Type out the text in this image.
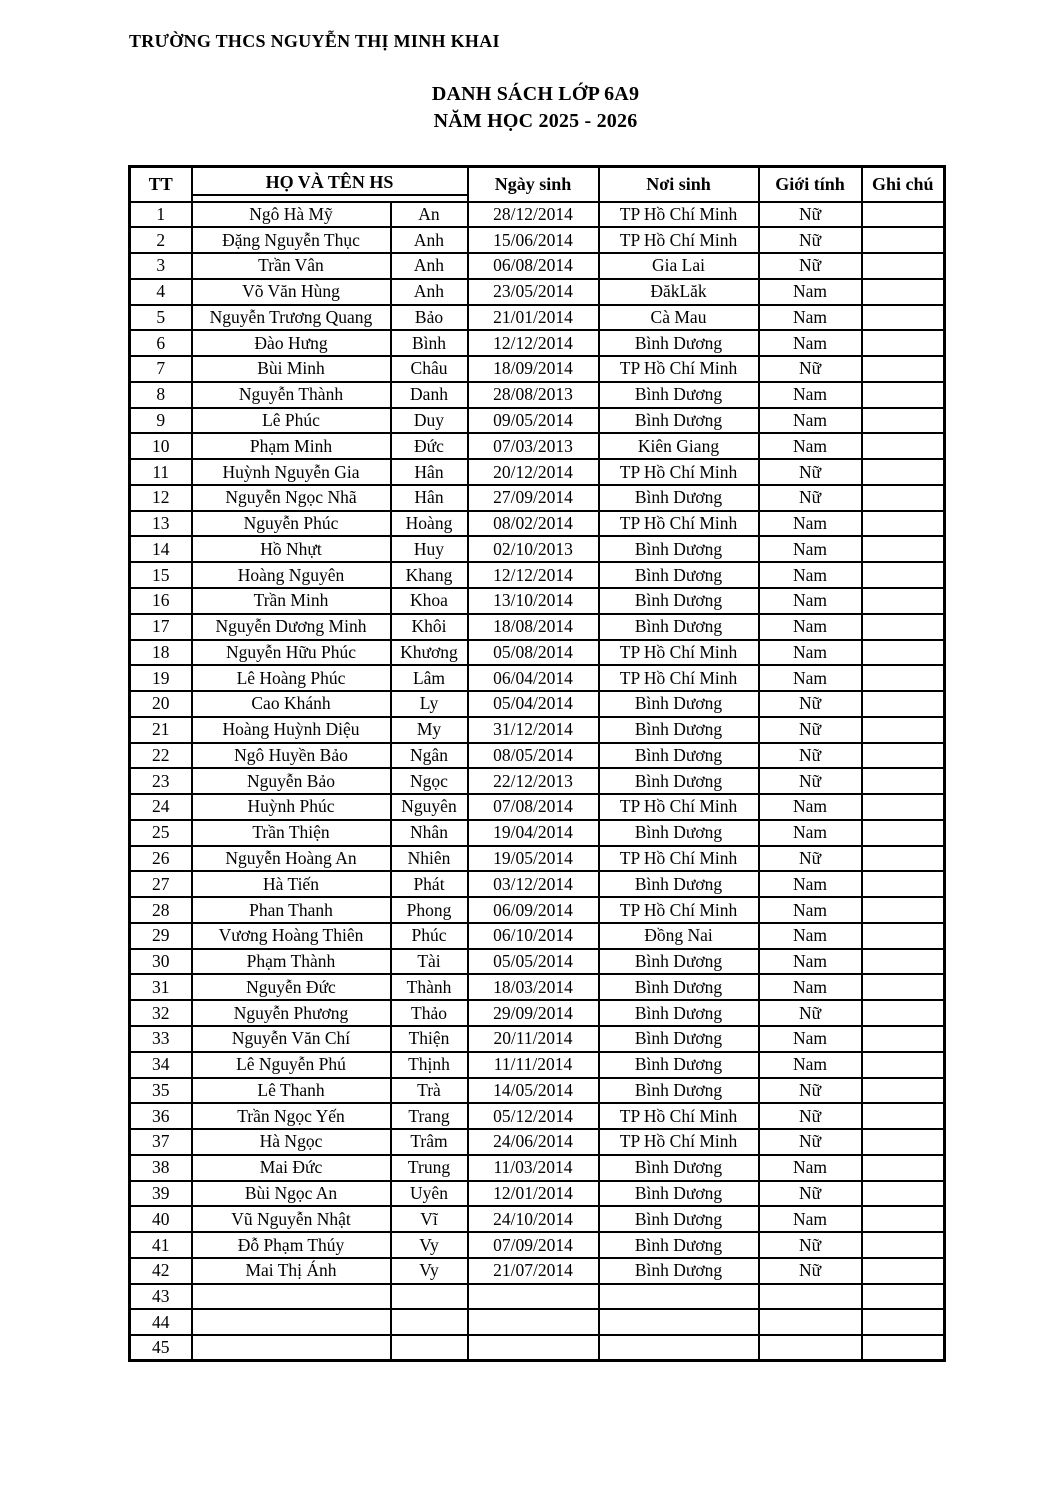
TRƯỜNG THCS NGUYỄN THỊ MINH KHAI
DANH SÁCH LỚP 6A9
NĂM HỌC 2025 - 2026
TT	HỌ VÀ TÊN HS		Ngày sinh	Nơi sinh	Giới tính	Ghi chú
1	Ngô Hà Mỹ	An	28/12/2014	TP Hồ Chí Minh	Nữ	
2	Đặng Nguyễn Thục	Anh	15/06/2014	TP Hồ Chí Minh	Nữ	
3	Trần Vân	Anh	06/08/2014	Gia Lai	Nữ	
4	Võ Văn Hùng	Anh	23/05/2014	ĐăkLăk	Nam	
5	Nguyễn Trương Quang	Bảo	21/01/2014	Cà Mau	Nam	
6	Đào Hưng	Bình	12/12/2014	Bình Dương	Nam	
7	Bùi Minh	Châu	18/09/2014	TP Hồ Chí Minh	Nữ	
8	Nguyễn Thành	Danh	28/08/2013	Bình Dương	Nam	
9	Lê Phúc	Duy	09/05/2014	Bình Dương	Nam	
10	Phạm Minh	Đức	07/03/2013	Kiên Giang	Nam	
11	Huỳnh Nguyễn Gia	Hân	20/12/2014	TP Hồ Chí Minh	Nữ	
12	Nguyễn Ngọc Nhã	Hân	27/09/2014	Bình Dương	Nữ	
13	Nguyễn Phúc	Hoàng	08/02/2014	TP Hồ Chí Minh	Nam	
14	Hồ Nhựt	Huy	02/10/2013	Bình Dương	Nam	
15	Hoàng Nguyên	Khang	12/12/2014	Bình Dương	Nam	
16	Trần Minh	Khoa	13/10/2014	Bình Dương	Nam	
17	Nguyễn Dương Minh	Khôi	18/08/2014	Bình Dương	Nam	
18	Nguyễn Hữu Phúc	Khương	05/08/2014	TP Hồ Chí Minh	Nam	
19	Lê Hoàng Phúc	Lâm	06/04/2014	TP Hồ Chí Minh	Nam	
20	Cao Khánh	Ly	05/04/2014	Bình Dương	Nữ	
21	Hoàng Huỳnh Diệu	My	31/12/2014	Bình Dương	Nữ	
22	Ngô Huyền Bảo	Ngân	08/05/2014	Bình Dương	Nữ	
23	Nguyễn Bảo	Ngọc	22/12/2013	Bình Dương	Nữ	
24	Huỳnh Phúc	Nguyên	07/08/2014	TP Hồ Chí Minh	Nam	
25	Trần Thiện	Nhân	19/04/2014	Bình Dương	Nam	
26	Nguyễn Hoàng An	Nhiên	19/05/2014	TP Hồ Chí Minh	Nữ	
27	Hà Tiến	Phát	03/12/2014	Bình Dương	Nam	
28	Phan Thanh	Phong	06/09/2014	TP Hồ Chí Minh	Nam	
29	Vương Hoàng Thiên	Phúc	06/10/2014	Đồng Nai	Nam	
30	Phạm Thành	Tài	05/05/2014	Bình Dương	Nam	
31	Nguyễn Đức	Thành	18/03/2014	Bình Dương	Nam	
32	Nguyễn Phương	Thảo	29/09/2014	Bình Dương	Nữ	
33	Nguyễn Văn Chí	Thiện	20/11/2014	Bình Dương	Nam	
34	Lê Nguyễn Phú	Thịnh	11/11/2014	Bình Dương	Nam	
35	Lê Thanh	Trà	14/05/2014	Bình Dương	Nữ	
36	Trần Ngọc Yến	Trang	05/12/2014	TP Hồ Chí Minh	Nữ	
37	Hà Ngọc	Trâm	24/06/2014	TP Hồ Chí Minh	Nữ	
38	Mai Đức	Trung	11/03/2014	Bình Dương	Nam	
39	Bùi Ngọc An	Uyên	12/01/2014	Bình Dương	Nữ	
40	Vũ Nguyễn Nhật	Vĩ	24/10/2014	Bình Dương	Nam	
41	Đỗ Phạm Thúy	Vy	07/09/2014	Bình Dương	Nữ	
42	Mai Thị Ánh	Vy	21/07/2014	Bình Dương	Nữ	
43						
44						
45						
